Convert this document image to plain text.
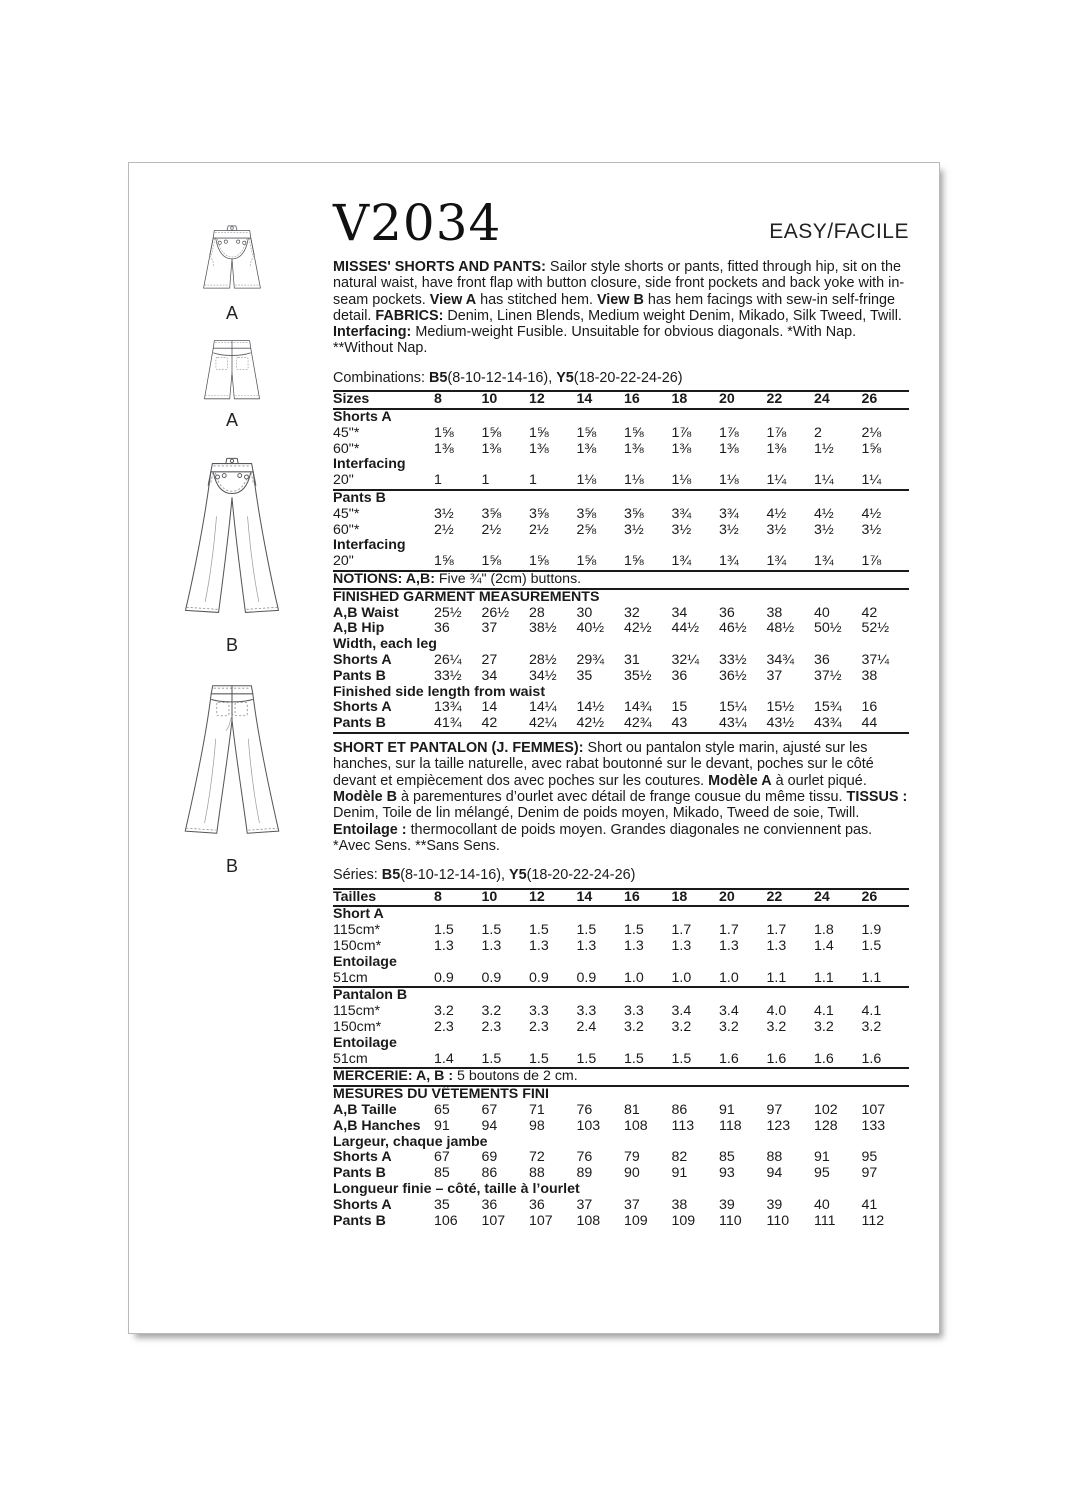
A
A
B
B
V2034	EASY/FACILE

MISSES' SHORTS AND PANTS: Sailor style shorts or pants, fitted through hip, sit on the natural waist, have front flap with button closure, side front pockets and back yoke with in-seam pockets. View A has stitched hem. View B has hem facings with sew-in self-fringe detail. FABRICS: Denim, Linen Blends, Medium weight Denim, Mikado, Silk Tweed, Twill. Interfacing: Medium-weight Fusible. Unsuitable for obvious diagonals. *With Nap. **Without Nap.

Combinations: B5(8-10-12-14-16), Y5(18-20-22-24-26)

Sizes	8	10	12	14	16	18	20	22	24	26
Shorts A
45"*	1⅝	1⅝	1⅝	1⅝	1⅝	1⅞	1⅞	1⅞	2	2⅛
60"*	1⅜	1⅜	1⅜	1⅜	1⅜	1⅜	1⅜	1⅜	1½	1⅝
Interfacing
20"	1	1	1	1⅛	1⅛	1⅛	1⅛	1¼	1¼	1¼
Pants B
45"*	3½	3⅝	3⅝	3⅝	3⅝	3¾	3¾	4½	4½	4½
60"*	2½	2½	2½	2⅝	3½	3½	3½	3½	3½	3½
Interfacing
20"	1⅝	1⅝	1⅝	1⅝	1⅝	1¾	1¾	1¾	1¾	1⅞
NOTIONS: A,B: Five ¾" (2cm) buttons.
FINISHED GARMENT MEASUREMENTS
A,B Waist	25½	26½	28	30	32	34	36	38	40	42
A,B Hip	36	37	38½	40½	42½	44½	46½	48½	50½	52½
Width, each leg
Shorts A	26¼	27	28½	29¾	31	32¼	33½	34¾	36	37¼
Pants B	33½	34	34½	35	35½	36	36½	37	37½	38
Finished side length from waist
Shorts A	13¾	14	14¼	14½	14¾	15	15¼	15½	15¾	16
Pants B	41¾	42	42¼	42½	42¾	43	43¼	43½	43¾	44

SHORT ET PANTALON (J. FEMMES): Short ou pantalon style marin, ajusté sur les hanches, sur la taille naturelle, avec rabat boutonné sur le devant, poches sur le côté devant et empiècement dos avec poches sur les coutures. Modèle A à ourlet piqué. Modèle B à parementures d’ourlet avec détail de frange cousue du même tissu. TISSUS : Denim, Toile de lin mélangé, Denim de poids moyen, Mikado, Tweed de soie, Twill. Entoilage : thermocollant de poids moyen. Grandes diagonales ne conviennent pas. *Avec Sens. **Sans Sens.

Séries: B5(8-10-12-14-16), Y5(18-20-22-24-26)

Tailles	8	10	12	14	16	18	20	22	24	26
Short A
115cm*	1.5	1.5	1.5	1.5	1.5	1.7	1.7	1.7	1.8	1.9
150cm*	1.3	1.3	1.3	1.3	1.3	1.3	1.3	1.3	1.4	1.5
Entoilage
51cm	0.9	0.9	0.9	0.9	1.0	1.0	1.0	1.1	1.1	1.1
Pantalon B
115cm*	3.2	3.2	3.3	3.3	3.3	3.4	3.4	4.0	4.1	4.1
150cm*	2.3	2.3	2.3	2.4	3.2	3.2	3.2	3.2	3.2	3.2
Entoilage
51cm	1.4	1.5	1.5	1.5	1.5	1.5	1.6	1.6	1.6	1.6
MERCERIE: A, B : 5 boutons de 2 cm.
MESURES DU VÊTEMENTS FINI
A,B Taille	65	67	71	76	81	86	91	97	102	107
A,B Hanches 91	94	98	103	108	113	118	123	128	133
Largeur, chaque jambe
Shorts A	67	69	72	76	79	82	85	88	91	95
Pants B	85	86	88	89	90	91	93	94	95	97
Longueur finie – côté, taille à l’ourlet
Shorts A	35	36	36	37	37	38	39	39	40	41
Pants B	106	107	107	108	109	109	110	110	111	112
